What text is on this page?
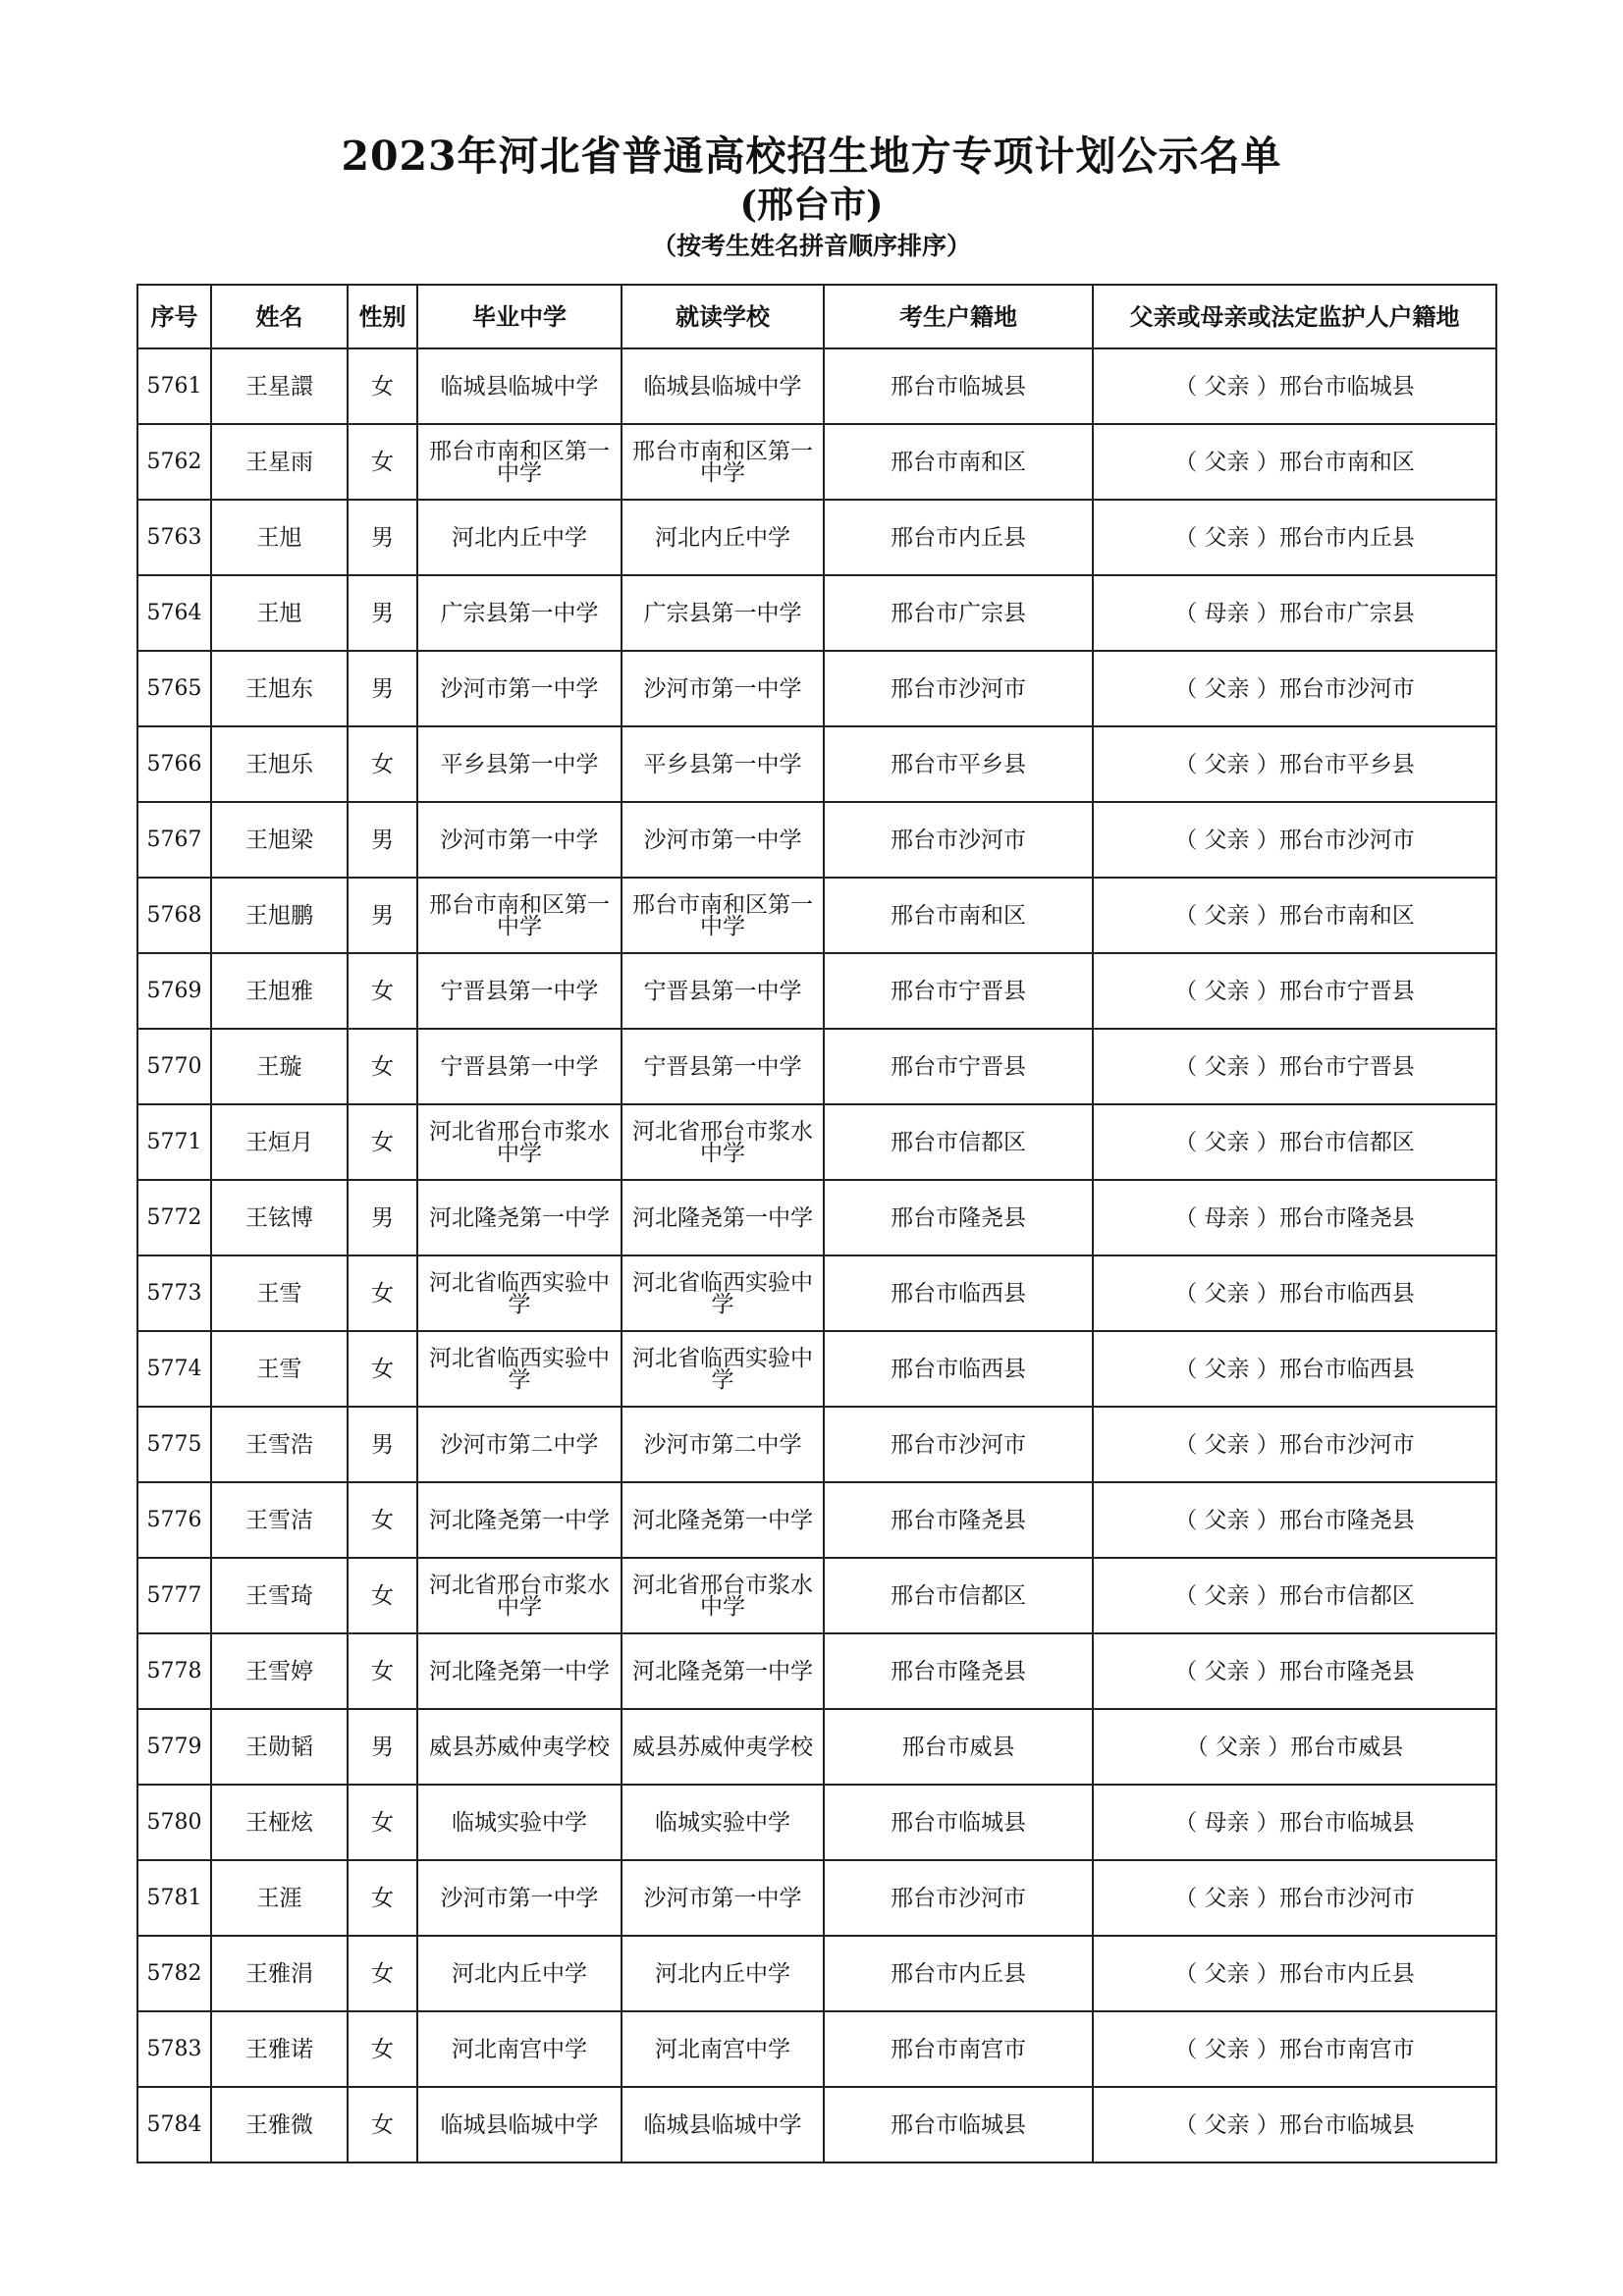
2023年河北省普通高校招生地方专项计划公示名单
(邢台市)
（按考生姓名拼音顺序排序）
序号	姓名	性别	毕业中学	就读学校	考生户籍地	父亲或母亲或法定监护人户籍地
5761	王星譞	女	临城县临城中学	临城县临城中学	邢台市临城县	（ 父亲 ）邢台市临城县
5762	王星雨	女	邢台市南和区第一中学	邢台市南和区第一中学	邢台市南和区	（ 父亲 ）邢台市南和区
5763	王旭	男	河北内丘中学	河北内丘中学	邢台市内丘县	（ 父亲 ）邢台市内丘县
5764	王旭	男	广宗县第一中学	广宗县第一中学	邢台市广宗县	（ 母亲 ）邢台市广宗县
5765	王旭东	男	沙河市第一中学	沙河市第一中学	邢台市沙河市	（ 父亲 ）邢台市沙河市
5766	王旭乐	女	平乡县第一中学	平乡县第一中学	邢台市平乡县	（ 父亲 ）邢台市平乡县
5767	王旭梁	男	沙河市第一中学	沙河市第一中学	邢台市沙河市	（ 父亲 ）邢台市沙河市
5768	王旭鹏	男	邢台市南和区第一中学	邢台市南和区第一中学	邢台市南和区	（ 父亲 ）邢台市南和区
5769	王旭雅	女	宁晋县第一中学	宁晋县第一中学	邢台市宁晋县	（ 父亲 ）邢台市宁晋县
5770	王璇	女	宁晋县第一中学	宁晋县第一中学	邢台市宁晋县	（ 父亲 ）邢台市宁晋县
5771	王烜月	女	河北省邢台市浆水中学	河北省邢台市浆水中学	邢台市信都区	（ 父亲 ）邢台市信都区
5772	王铉博	男	河北隆尧第一中学	河北隆尧第一中学	邢台市隆尧县	（ 母亲 ）邢台市隆尧县
5773	王雪	女	河北省临西实验中学	河北省临西实验中学	邢台市临西县	（ 父亲 ）邢台市临西县
5774	王雪	女	河北省临西实验中学	河北省临西实验中学	邢台市临西县	（ 父亲 ）邢台市临西县
5775	王雪浩	男	沙河市第二中学	沙河市第二中学	邢台市沙河市	（ 父亲 ）邢台市沙河市
5776	王雪洁	女	河北隆尧第一中学	河北隆尧第一中学	邢台市隆尧县	（ 父亲 ）邢台市隆尧县
5777	王雪琦	女	河北省邢台市浆水中学	河北省邢台市浆水中学	邢台市信都区	（ 父亲 ）邢台市信都区
5778	王雪婷	女	河北隆尧第一中学	河北隆尧第一中学	邢台市隆尧县	（ 父亲 ）邢台市隆尧县
5779	王勋韬	男	威县苏威仲夷学校	威县苏威仲夷学校	邢台市威县	（ 父亲 ）邢台市威县
5780	王桠炫	女	临城实验中学	临城实验中学	邢台市临城县	（ 母亲 ）邢台市临城县
5781	王涯	女	沙河市第一中学	沙河市第一中学	邢台市沙河市	（ 父亲 ）邢台市沙河市
5782	王雅涓	女	河北内丘中学	河北内丘中学	邢台市内丘县	（ 父亲 ）邢台市内丘县
5783	王雅诺	女	河北南宫中学	河北南宫中学	邢台市南宫市	（ 父亲 ）邢台市南宫市
5784	王雅微	女	临城县临城中学	临城县临城中学	邢台市临城县	（ 父亲 ）邢台市临城县
